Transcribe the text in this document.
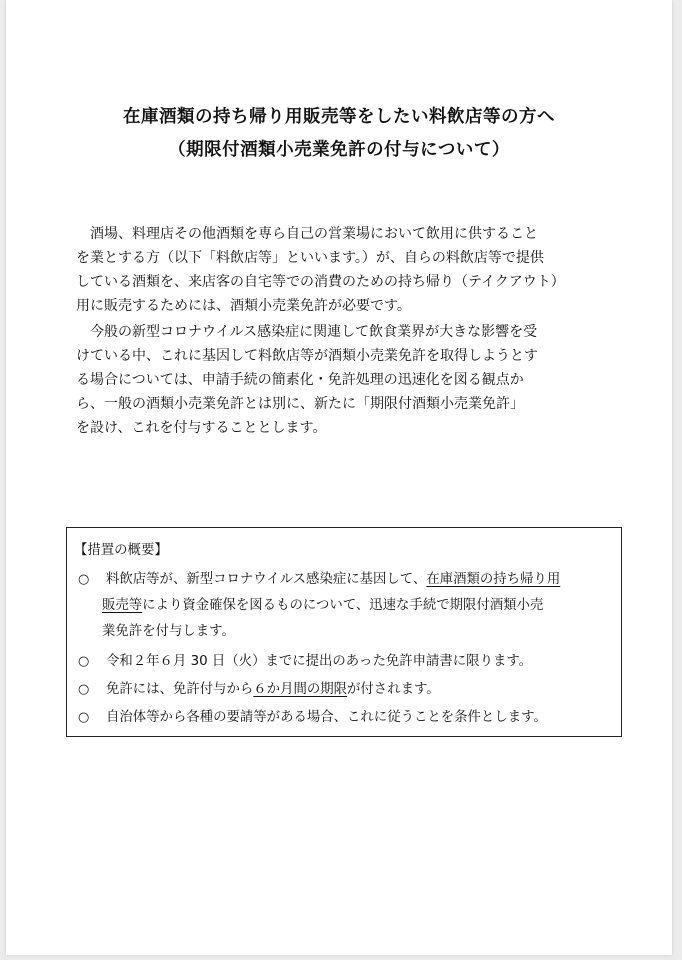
在庫酒類の持ち帰り用販売等をしたい料飲店等の方へ
（期限付酒類小売業免許の付与について）
酒場、料理店その他酒類を専ら自己の営業場において飲用に供すること
を業とする方（以下「料飲店等」といいます。）が、自らの料飲店等で提供
している酒類を、来店客の自宅等での消費のための持ち帰り（テイクアウト）
用に販売するためには、酒類小売業免許が必要です。
今般の新型コロナウイルス感染症に関連して飲食業界が大きな影響を受
けている中、これに基因して料飲店等が酒類小売業免許を取得しようとす
る場合については、申請手続の簡素化・免許処理の迅速化を図る観点か
ら、一般の酒類小売業免許とは別に、新たに「期限付酒類小売業免許」
を設け、これを付与することとします。
【措置の概要】
○ 料飲店等が、新型コロナウイルス感染症に基因して、在庫酒類の持ち帰り用
販売等により資金確保を図るものについて、迅速な手続で期限付酒類小売
業免許を付与します。
○ 令和２年６月 30 日（火）までに提出のあった免許申請書に限ります。
○ 免許には、免許付与から６か月間の期限が付されます。
○ 自治体等から各種の要請等がある場合、これに従うことを条件とします。
